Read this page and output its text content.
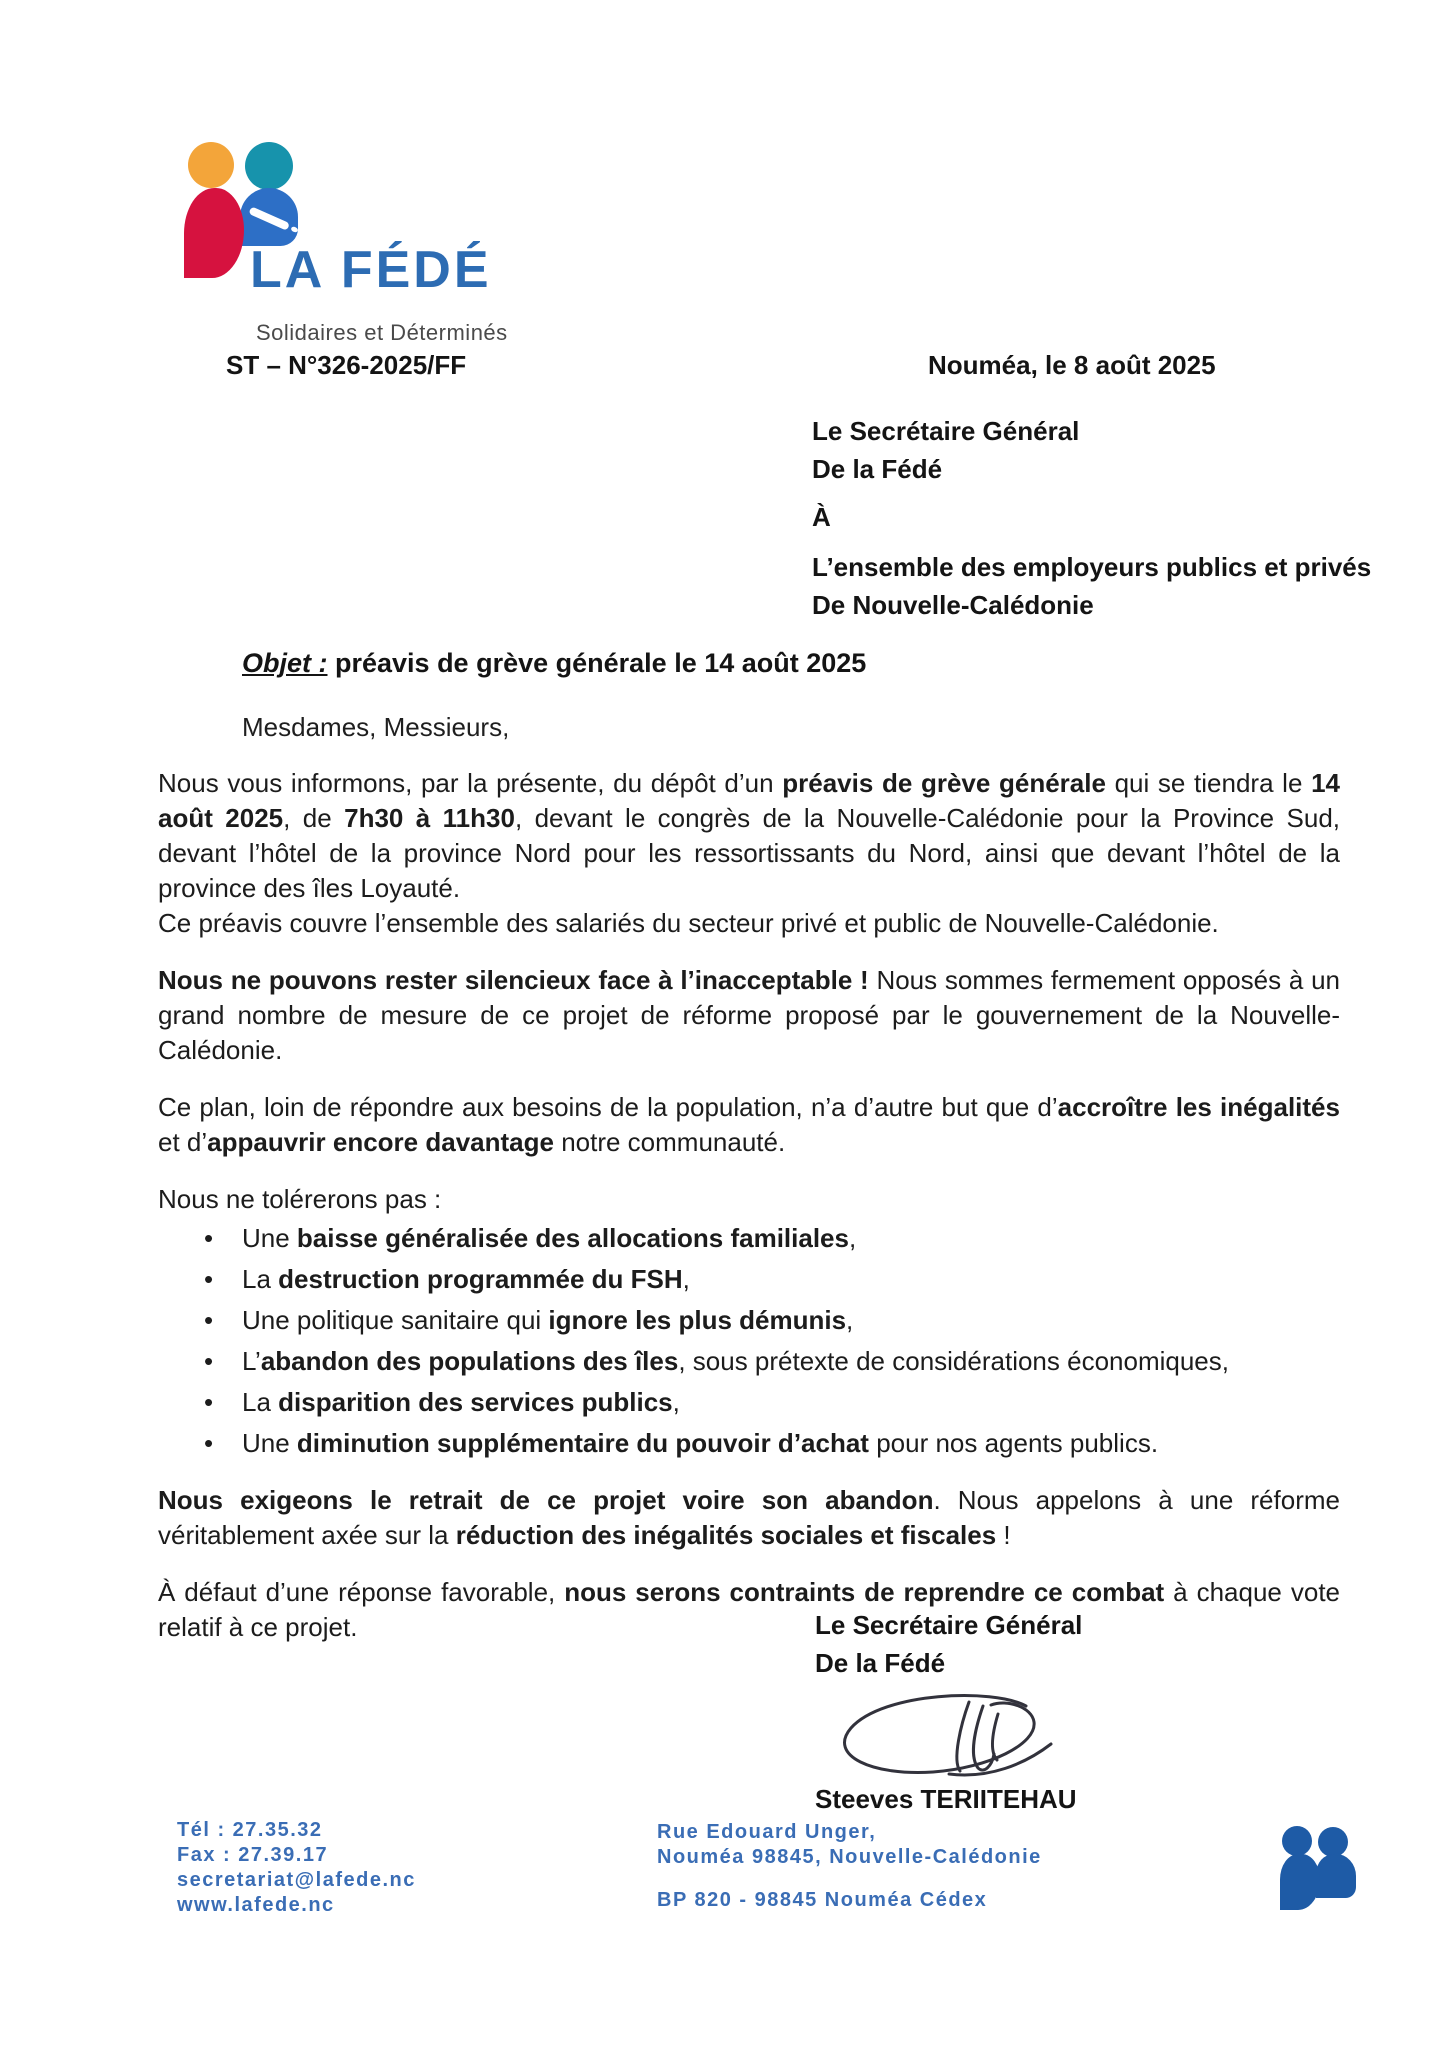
LA FÉDÉ
Solidaires et Déterminés
ST – N°326-2025/FF	Nouméa, le 8 août 2025
Le Secrétaire Général
De la Fédé
À
L’ensemble des employeurs publics et privés
De Nouvelle-Calédonie
Objet : préavis de grève générale le 14 août 2025
Mesdames, Messieurs,

Nous vous informons, par la présente, du dépôt d’un préavis de grève générale qui se tiendra le 14 août 2025, de 7h30 à 11h30, devant le congrès de la Nouvelle-Calédonie pour la Province Sud, devant l’hôtel de la province Nord pour les ressortissants du Nord, ainsi que devant l’hôtel de la province des îles Loyauté.

Ce préavis couvre l’ensemble des salariés du secteur privé et public de Nouvelle-Calédonie.

Nous ne pouvons rester silencieux face à l’inacceptable ! Nous sommes fermement opposés à un grand nombre de mesure de ce projet de réforme proposé par le gouvernement de la Nouvelle-Calédonie.

Ce plan, loin de répondre aux besoins de la population, n’a d’autre but que d’accroître les inégalités et d’appauvrir encore davantage notre communauté.

Nous ne tolérerons pas :

• Une baisse généralisée des allocations familiales,
• La destruction programmée du FSH,
• Une politique sanitaire qui ignore les plus démunis,
• L’abandon des populations des îles, sous prétexte de considérations économiques,
• La disparition des services publics,
• Une diminution supplémentaire du pouvoir d’achat pour nos agents publics.

Nous exigeons le retrait de ce projet voire son abandon. Nous appelons à une réforme véritablement axée sur la réduction des inégalités sociales et fiscales !

À défaut d’une réponse favorable, nous serons contraints de reprendre ce combat à chaque vote relatif à ce projet.	Le Secrétaire Général
De la Fédé
Steeves TERIITEHAU
Tél : 27.35.32
Fax : 27.39.17
secretariat@lafede.nc
www.lafede.nc
Rue Edouard Unger,
Nouméa 98845, Nouvelle-Calédonie
BP 820 - 98845 Nouméa Cédex
